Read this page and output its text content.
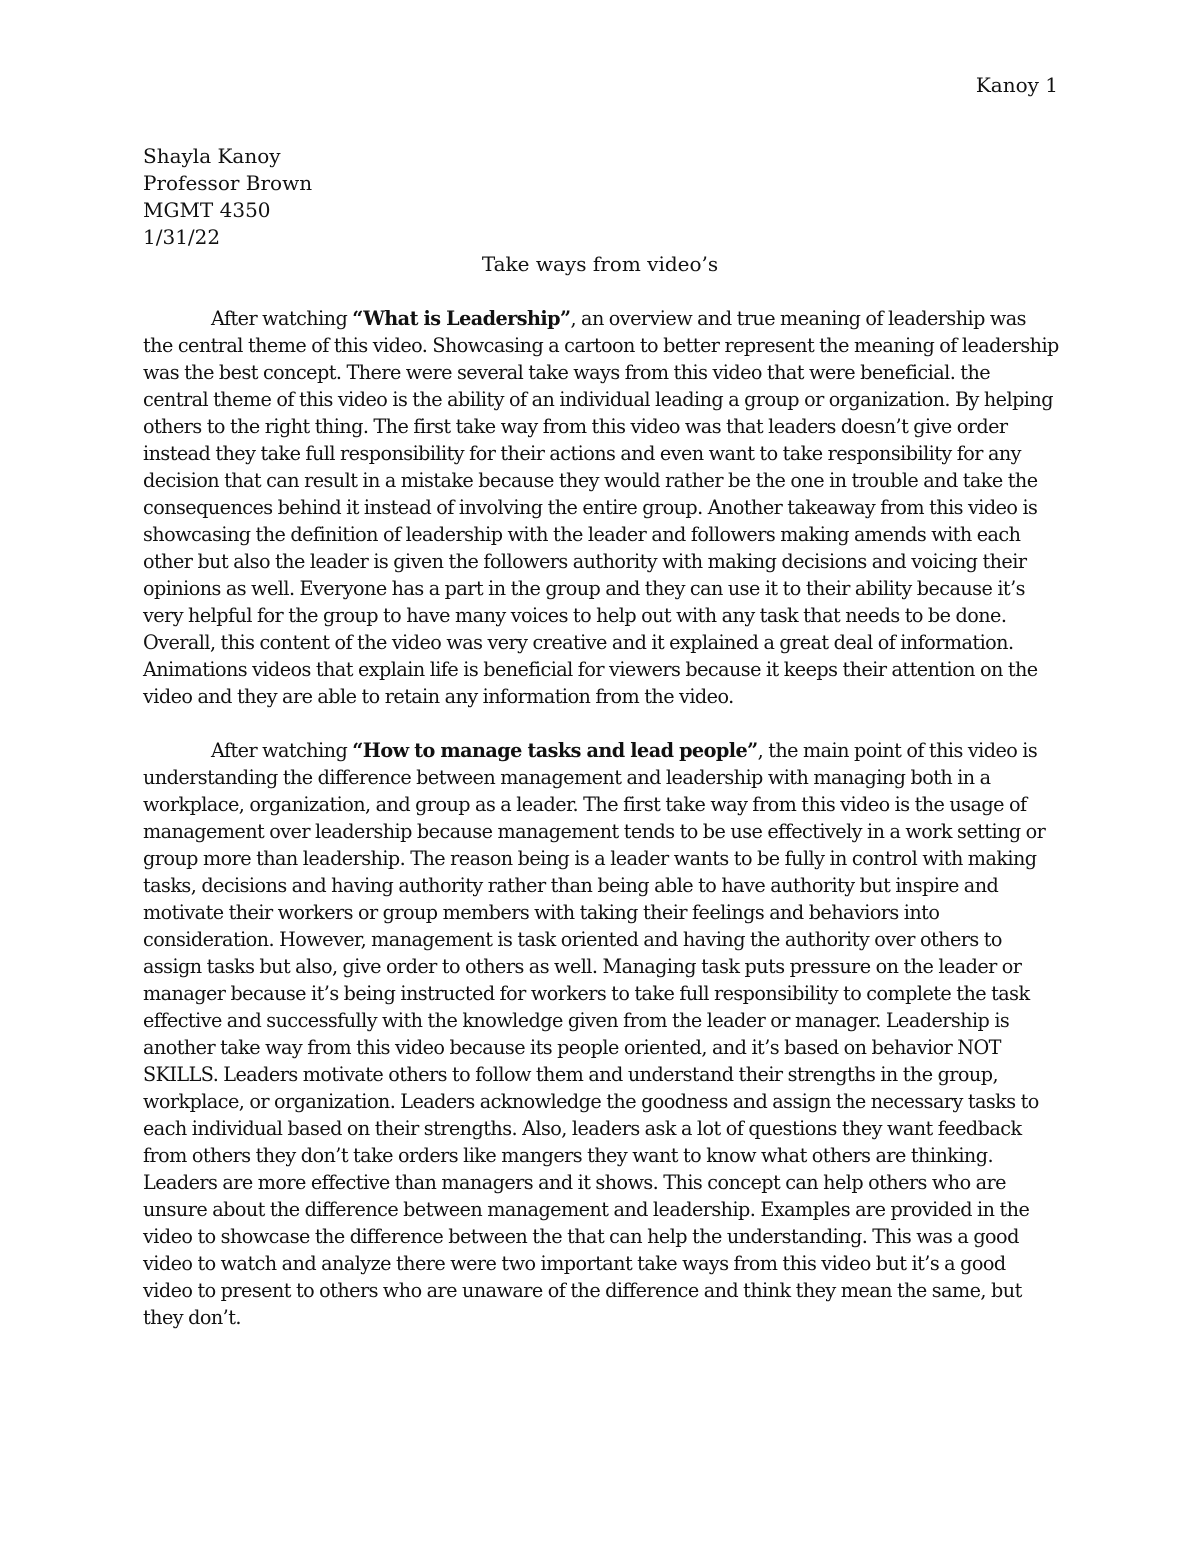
Kanoy 1
Shayla Kanoy
Professor Brown
MGMT 4350
1/31/22
Take ways from video’s

After watching “What is Leadership”, an overview and true meaning of leadership was the central theme of this video. Showcasing a cartoon to better represent the meaning of leadership was the best concept. There were several take ways from this video that were beneficial. the central theme of this video is the ability of an individual leading a group or organization. By helping others to the right thing. The first take way from this video was that leaders doesn’t give order instead they take full responsibility for their actions and even want to take responsibility for any decision that can result in a mistake because they would rather be the one in trouble and take the consequences behind it instead of involving the entire group. Another takeaway from this video is showcasing the definition of leadership with the leader and followers making amends with each other but also the leader is given the followers authority with making decisions and voicing their opinions as well. Everyone has a part in the group and they can use it to their ability because it’s very helpful for the group to have many voices to help out with any task that needs to be done. Overall, this content of the video was very creative and it explained a great deal of information. Animations videos that explain life is beneficial for viewers because it keeps their attention on the video and they are able to retain any information from the video.

After watching “How to manage tasks and lead people”, the main point of this video is understanding the difference between management and leadership with managing both in a workplace, organization, and group as a leader. The first take way from this video is the usage of management over leadership because management tends to be use effectively in a work setting or group more than leadership. The reason being is a leader wants to be fully in control with making tasks, decisions and having authority rather than being able to have authority but inspire and motivate their workers or group members with taking their feelings and behaviors into consideration. However, management is task oriented and having the authority over others to assign tasks but also, give order to others as well. Managing task puts pressure on the leader or manager because it’s being instructed for workers to take full responsibility to complete the task effective and successfully with the knowledge given from the leader or manager. Leadership is another take way from this video because its people oriented, and it’s based on behavior NOT SKILLS. Leaders motivate others to follow them and understand their strengths in the group, workplace, or organization. Leaders acknowledge the goodness and assign the necessary tasks to each individual based on their strengths. Also, leaders ask a lot of questions they want feedback from others they don’t take orders like mangers they want to know what others are thinking. Leaders are more effective than managers and it shows. This concept can help others who are unsure about the difference between management and leadership. Examples are provided in the video to showcase the difference between the that can help the understanding. This was a good video to watch and analyze there were two important take ways from this video but it’s a good video to present to others who are unaware of the difference and think they mean the same, but they don’t.
